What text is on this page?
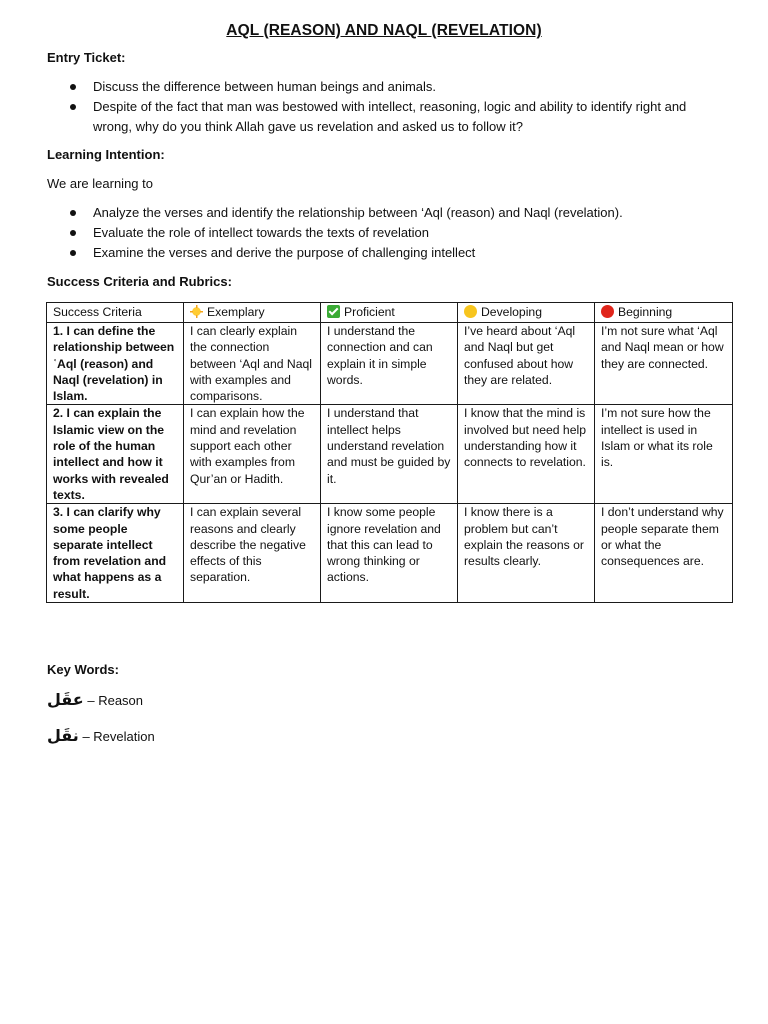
AQL (REASON) AND NAQL (REVELATION)
Entry Ticket:
Discuss the difference between human beings and animals.
Despite of the fact that man was bestowed with intellect, reasoning, logic and ability to identify right and wrong, why do you think Allah gave us revelation and asked us to follow it?
Learning Intention:
We are learning to
Analyze the verses and identify the relationship between ‘Aql (reason) and Naql (revelation).
Evaluate the role of intellect towards the texts of revelation
Examine the verses and derive the purpose of challenging intellect
Success Criteria and Rubrics:
Success Criteria	Exemplary	Proficient	Developing	Beginning
1. I can define the relationship between ʿAql (reason) and Naql (revelation) in Islam.	I can clearly explain the connection between ‘Aql and Naql with examples and comparisons.	I understand the connection and can explain it in simple words.	I’ve heard about ‘Aql and Naql but get confused about how they are related.	I’m not sure what ‘Aql and Naql mean or how they are connected.
2. I can explain the Islamic view on the role of the human intellect and how it works with revealed texts.	I can explain how the mind and revelation support each other with examples from Qur’an or Hadith.	I understand that intellect helps understand revelation and must be guided by it.	I know that the mind is involved but need help understanding how it connects to revelation.	I’m not sure how the intellect is used in Islam or what its role is.
3. I can clarify why some people separate intellect from revelation and what happens as a result.	I can explain several reasons and clearly describe the negative effects of this separation.	I know some people ignore revelation and that this can lead to wrong thinking or actions.	I know there is a problem but can’t explain the reasons or results clearly.	I don’t understand why people separate them or what the consequences are.
Key Words:
عقَل – Reason
نقَل – Revelation
